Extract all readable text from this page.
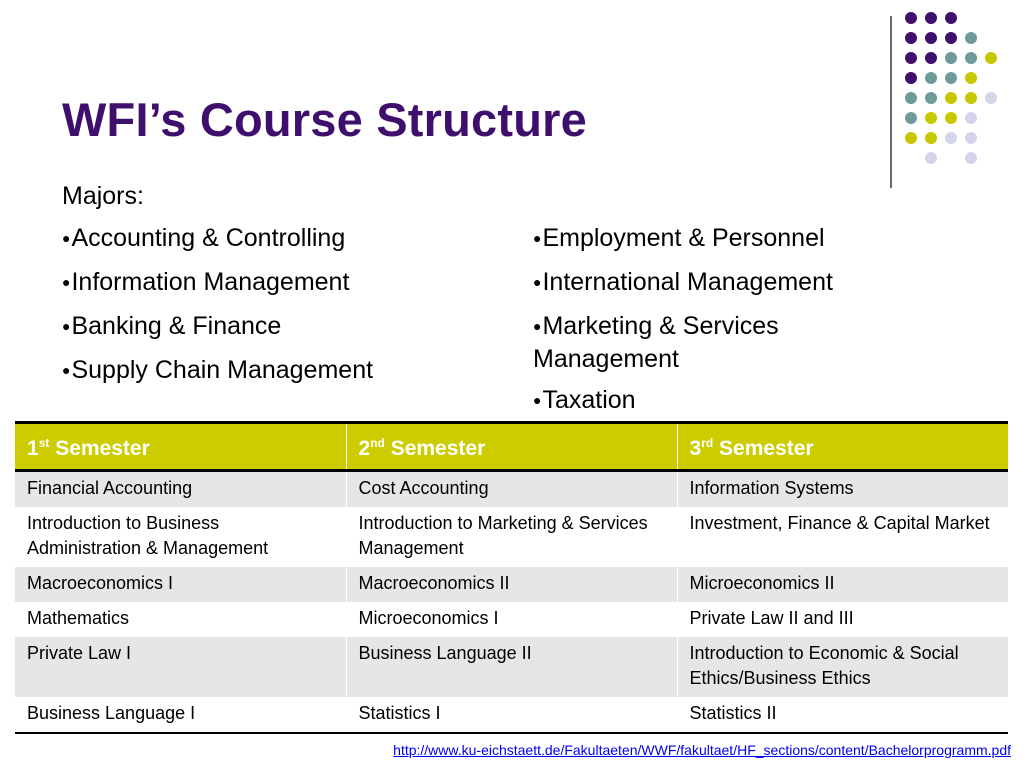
WFI’s Course Structure
Majors:
●Accounting & Controlling
●Information Management
●Banking & Finance
●Supply Chain Management
●Employment & Personnel
●International Management
●Marketing & Services Management
●Taxation
1st Semester	2nd Semester	3rd Semester
Financial Accounting	Cost Accounting	Information Systems
Introduction to Business Administration & Management	Introduction to Marketing & Services Management	Investment, Finance & Capital Market
Macroeconomics I	Macroeconomics II	Microeconomics II
Mathematics	Microeconomics I	Private Law II and III
Private Law I	Business Language II	Introduction to Economic & Social Ethics/Business Ethics
Business Language I	Statistics I	Statistics II
http://www.ku-eichstaett.de/Fakultaeten/WWF/fakultaet/HF_sections/content/Bachelorprogramm.pdf
